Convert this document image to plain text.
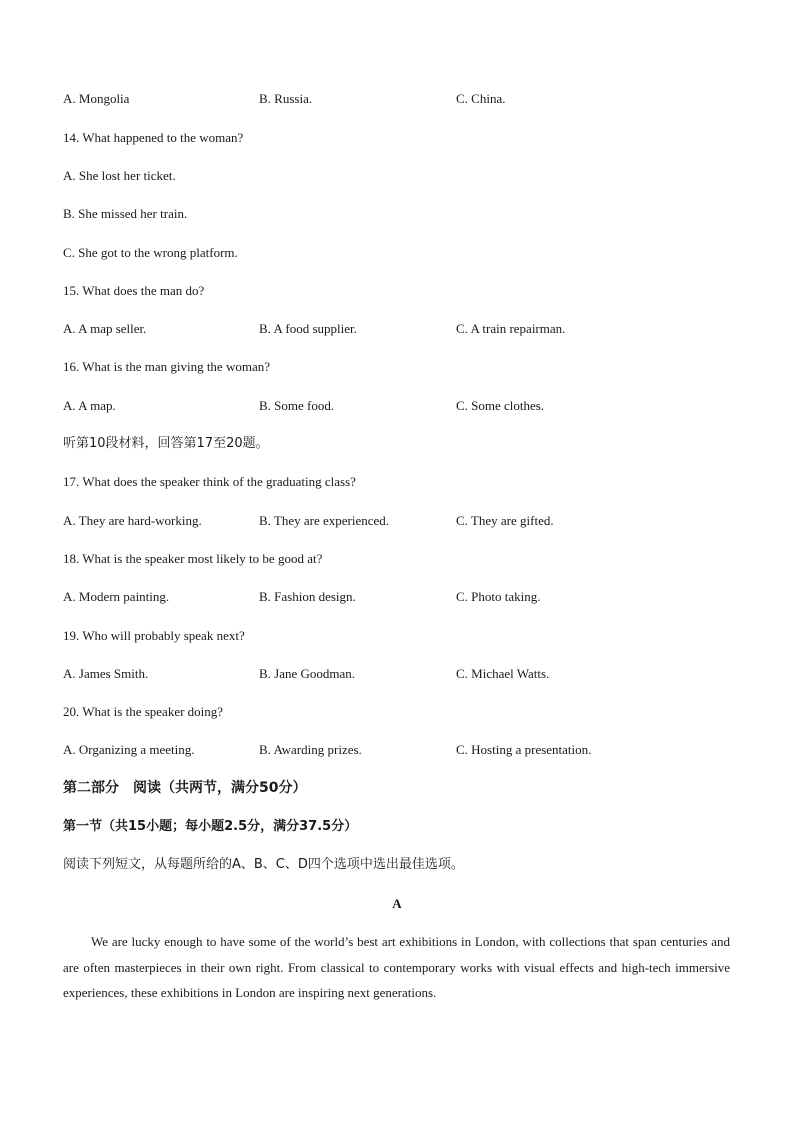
A. Mongolia	B. Russia.	C. China.
14. What happened to the woman?
A. She lost her ticket.
B. She missed her train.
C. She got to the wrong platform.
15. What does the man do?
A. A map seller.	B. A food supplier.	C. A train repairman.
16. What is the man giving the woman?
A. A map.	B. Some food.	C. Some clothes.
听第10段材料，回答第17至20题。
17. What does the speaker think of the graduating class?
A. They are hard-working.	B. They are experienced.	C. They are gifted.
18. What is the speaker most likely to be good at?
A. Modern painting.	B. Fashion design.	C. Photo taking.
19. Who will probably speak next?
A. James Smith.	B. Jane Goodman.	C. Michael Watts.
20. What is the speaker doing?
A. Organizing a meeting.	B. Awarding prizes.	C. Hosting a presentation.
第二部分　阅读（共两节，满分50分）
第一节（共15小题；每小题2.5分，满分37.5分）
阅读下列短文，从每题所给的A、B、C、D四个选项中选出最佳选项。
A
We are lucky enough to have some of the world’s best art exhibitions in London, with collections that span centuries and are often masterpieces in their own right. From classical to contemporary works with visual effects and high-tech immersive experiences, these exhibitions in London are inspiring next generations.
